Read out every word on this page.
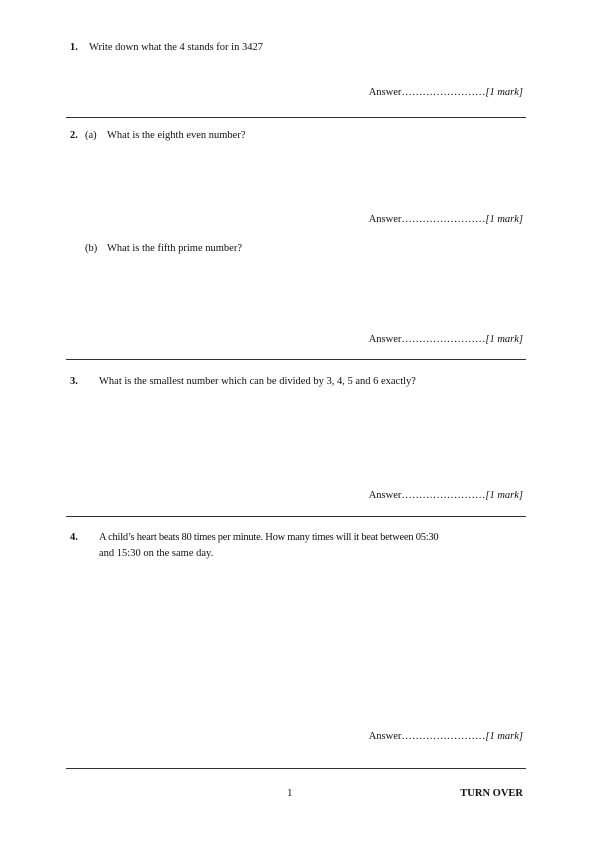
1. Write down what the 4 stands for in 3427
Answer……………………[1 mark]
2. (a) What is the eighth even number?
Answer……………………[1 mark]
(b) What is the fifth prime number?
Answer……………………[1 mark]
3. What is the smallest number which can be divided by 3, 4, 5 and 6 exactly?
Answer……………………[1 mark]
4. A child’s heart beats 80 times per minute. How many times will it beat between 05:30
and 15:30 on the same day.
Answer……………………[1 mark]
1	TURN OVER
